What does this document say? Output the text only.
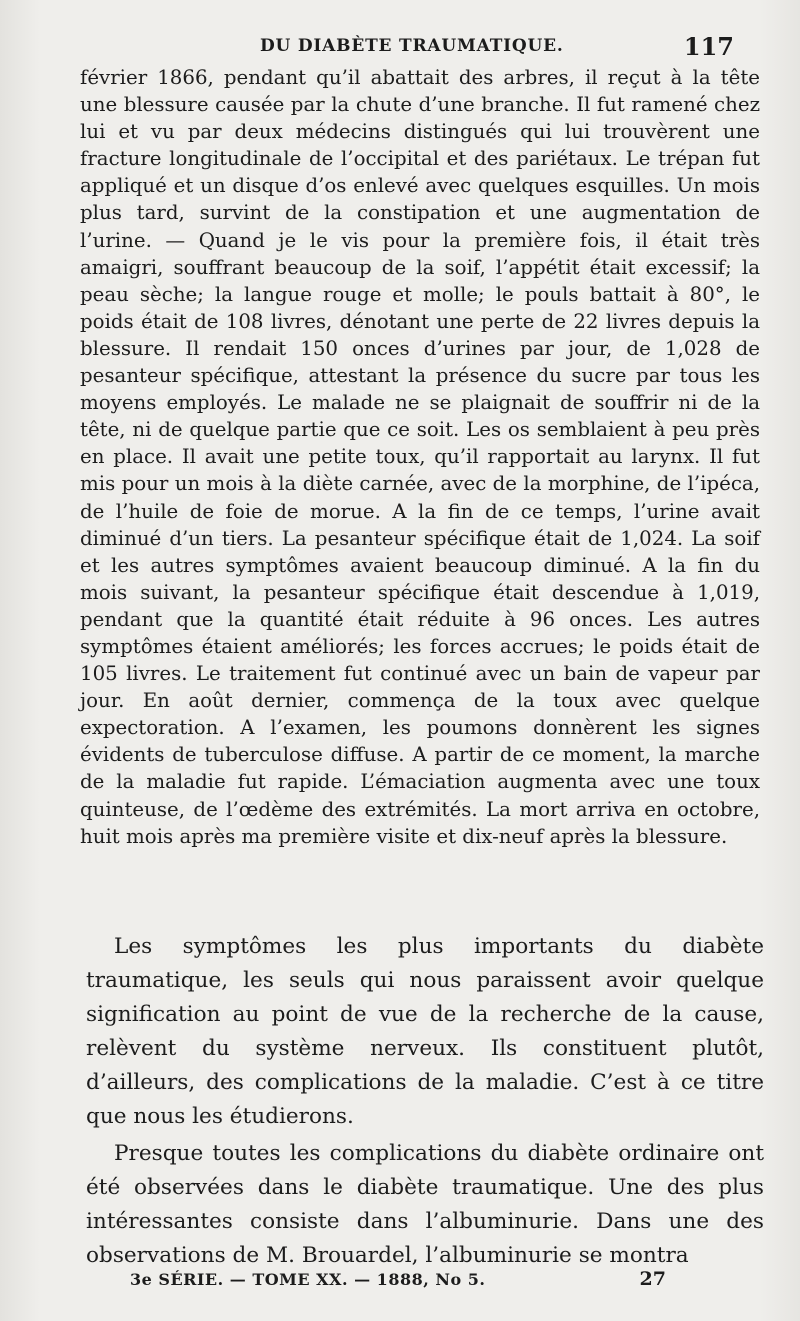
DU DIABÈTE TRAUMATIQUE.	117

février 1866, pendant qu’il abattait des arbres, il reçut à la tête une blessure causée par la chute d’une branche. Il fut ramené chez lui et vu par deux médecins distingués qui lui trouvèrent une fracture longitudinale de l’occipital et des pariétaux. Le trépan fut appliqué et un disque d’os enlevé avec quelques esquilles. Un mois plus tard, survint de la constipation et une augmentation de l’urine. — Quand je le vis pour la première fois, il était très amaigri, souffrant beaucoup de la soif, l’appétit était excessif; la peau sèche; la langue rouge et molle; le pouls battait à 80°, le poids était de 108 livres, dénotant une perte de 22 livres depuis la blessure. Il rendait 150 onces d’urines par jour, de 1,028 de pesanteur spécifique, attestant la présence du sucre par tous les moyens employés. Le malade ne se plaignait de souffrir ni de la tête, ni de quelque partie que ce soit. Les os semblaient à peu près en place. Il avait une petite toux, qu’il rapportait au larynx. Il fut mis pour un mois à la diète carnée, avec de la morphine, de l’ipéca, de l’huile de foie de morue. A la fin de ce temps, l’urine avait diminué d’un tiers. La pesanteur spécifique était de 1,024. La soif et les autres symptômes avaient beaucoup diminué. A la fin du mois suivant, la pesanteur spécifique était descendue à 1,019, pendant que la quantité était réduite à 96 onces. Les autres symptômes étaient améliorés; les forces accrues; le poids était de 105 livres. Le traitement fut continué avec un bain de vapeur par jour. En août dernier, commença de la toux avec quelque expectoration. A l’examen, les poumons donnèrent les signes évidents de tuberculose diffuse. A partir de ce moment, la marche de la maladie fut rapide. L’émaciation augmenta avec une toux quinteuse, de l’œdème des extrémités. La mort arriva en octobre, huit mois après ma première visite et dix-neuf après la blessure.

Les symptômes les plus importants du diabète traumatique, les seuls qui nous paraissent avoir quelque signification au point de vue de la recherche de la cause, relèvent du système nerveux. Ils constituent plutôt, d’ailleurs, des complications de la maladie. C’est à ce titre que nous les étudierons.

Presque toutes les complications du diabète ordinaire ont été observées dans le diabète traumatique. Une des plus intéressantes consiste dans l’albuminurie. Dans une des observations de M. Brouardel, l’albuminurie se montra

3e SÉRIE. — TOME XX. — 1888, No 5.	27
